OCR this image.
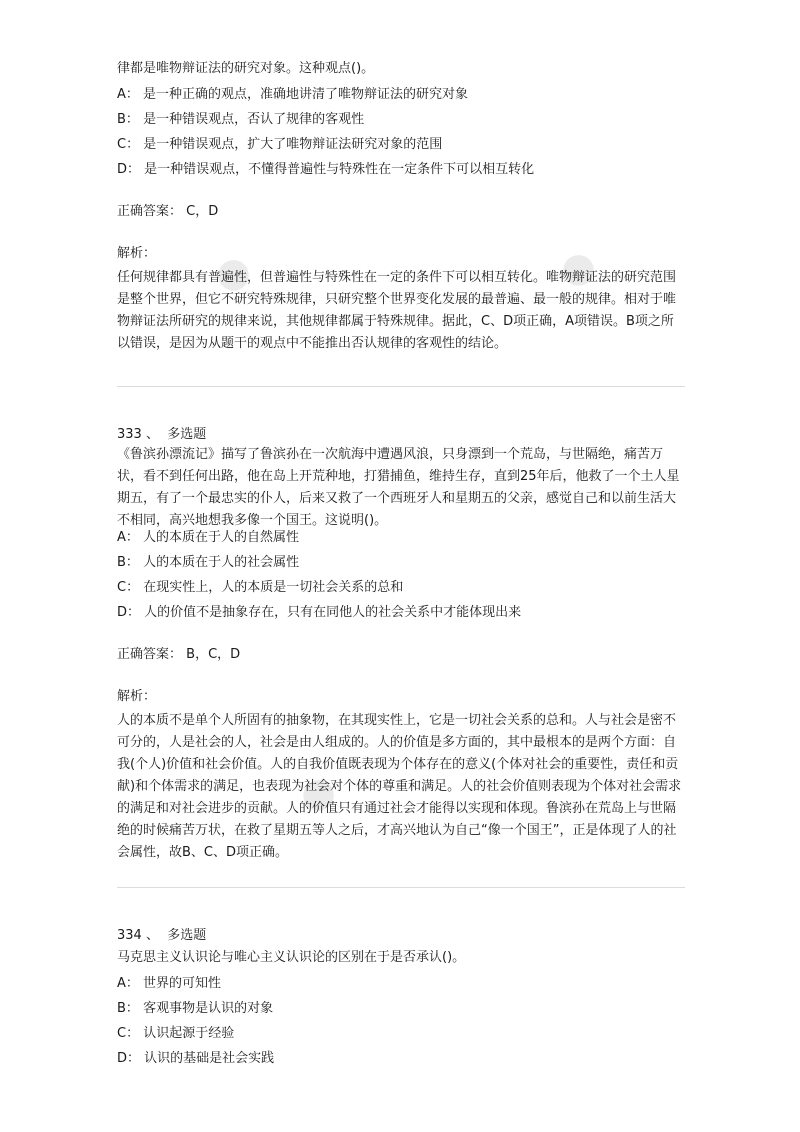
●	●
●
律都是唯物辩证法的研究对象。这种观点()。
A： 是一种正确的观点，准确地讲清了唯物辩证法的研究对象
B： 是一种错误观点，否认了规律的客观性
C： 是一种错误观点，扩大了唯物辩证法研究对象的范围
D： 是一种错误观点，不懂得普遍性与特殊性在一定条件下可以相互转化
正确答案： C，D
解析：
任何规律都具有普遍性，但普遍性与特殊性在一定的条件下可以相互转化。唯物辩证法的研究范围是整个世界，但它不研究特殊规律，只研究整个世界变化发展的最普遍、最一般的规律。相对于唯物辩证法所研究的规律来说，其他规律都属于特殊规律。据此，C、D项正确，A项错误。B项之所以错误，是因为从题干的观点中不能推出否认规律的客观性的结论。
333 、 多选题
《鲁滨孙漂流记》描写了鲁滨孙在一次航海中遭遇风浪，只身漂到一个荒岛，与世隔绝，痛苦万状，看不到任何出路，他在岛上开荒种地，打猎捕鱼，维持生存，直到25年后，他救了一个土人星期五，有了一个最忠实的仆人，后来又救了一个西班牙人和星期五的父亲，感觉自己和以前生活大不相同，高兴地想我多像一个国王。这说明()。
A： 人的本质在于人的自然属性
B： 人的本质在于人的社会属性
C： 在现实性上，人的本质是一切社会关系的总和
D： 人的价值不是抽象存在，只有在同他人的社会关系中才能体现出来
正确答案： B，C，D
解析：
人的本质不是单个人所固有的抽象物，在其现实性上，它是一切社会关系的总和。人与社会是密不可分的，人是社会的人，社会是由人组成的。人的价值是多方面的，其中最根本的是两个方面：自我(个人)价值和社会价值。人的自我价值既表现为个体存在的意义(个体对社会的重要性，责任和贡献)和个体需求的满足，也表现为社会对个体的尊重和满足。人的社会价值则表现为个体对社会需求的满足和对社会进步的贡献。人的价值只有通过社会才能得以实现和体现。鲁滨孙在荒岛上与世隔绝的时候痛苦万状，在救了星期五等人之后，才高兴地认为自己“像一个国王”，正是体现了人的社会属性，故B、C、D项正确。
334 、 多选题
马克思主义认识论与唯心主义认识论的区别在于是否承认()。
A： 世界的可知性
B： 客观事物是认识的对象
C： 认识起源于经验
D： 认识的基础是社会实践
